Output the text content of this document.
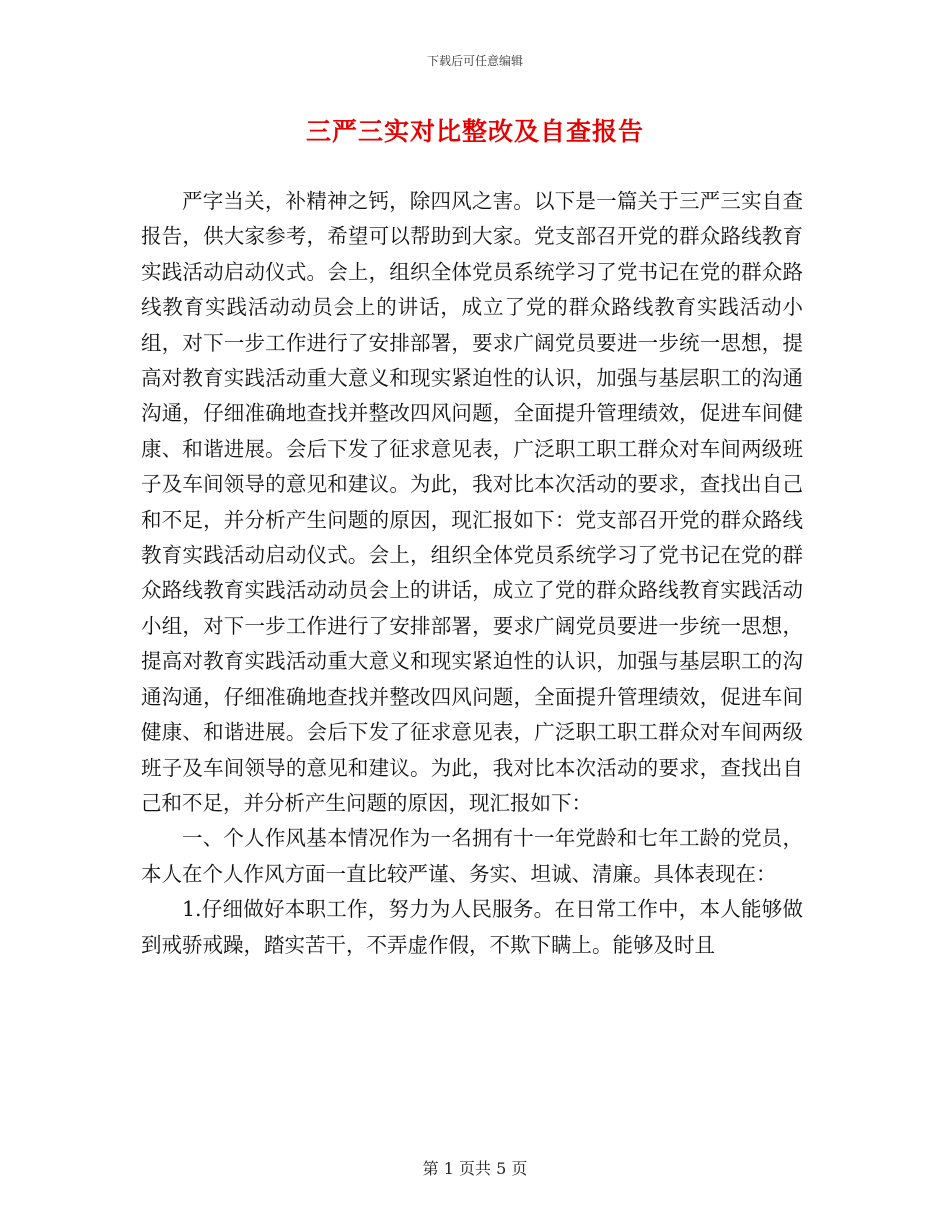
下载后可任意编辑
三严三实对比整改及自查报告

严字当关，补精神之钙，除四风之害。以下是一篇关于三严三实自查报告，供大家参考，希望可以帮助到大家。党支部召开党的群众路线教育实践活动启动仪式。会上，组织全体党员系统学习了党书记在党的群众路线教育实践活动动员会上的讲话，成立了党的群众路线教育实践活动小组，对下一步工作进行了安排部署，要求广阔党员要进一步统一思想，提高对教育实践活动重大意义和现实紧迫性的认识，加强与基层职工的沟通沟通，仔细准确地查找并整改四风问题，全面提升管理绩效，促进车间健康、和谐进展。会后下发了征求意见表，广泛职工职工群众对车间两级班子及车间领导的意见和建议。为此，我对比本次活动的要求，查找出自己和不足，并分析产生问题的原因，现汇报如下：党支部召开党的群众路线教育实践活动启动仪式。会上，组织全体党员系统学习了党书记在党的群众路线教育实践活动动员会上的讲话，成立了党的群众路线教育实践活动小组，对下一步工作进行了安排部署，要求广阔党员要进一步统一思想，提高对教育实践活动重大意义和现实紧迫性的认识，加强与基层职工的沟通沟通，仔细准确地查找并整改四风问题，全面提升管理绩效，促进车间健康、和谐进展。会后下发了征求意见表，广泛职工职工群众对车间两级班子及车间领导的意见和建议。为此，我对比本次活动的要求，查找出自己和不足，并分析产生问题的原因，现汇报如下：

一、个人作风基本情况作为一名拥有十一年党龄和七年工龄的党员，本人在个人作风方面一直比较严谨、务实、坦诚、清廉。具体表现在：

1.仔细做好本职工作，努力为人民服务。在日常工作中，本人能够做到戒骄戒躁，踏实苦干，不弄虚作假，不欺下瞒上。能够及时且

第 1 页共 5 页
